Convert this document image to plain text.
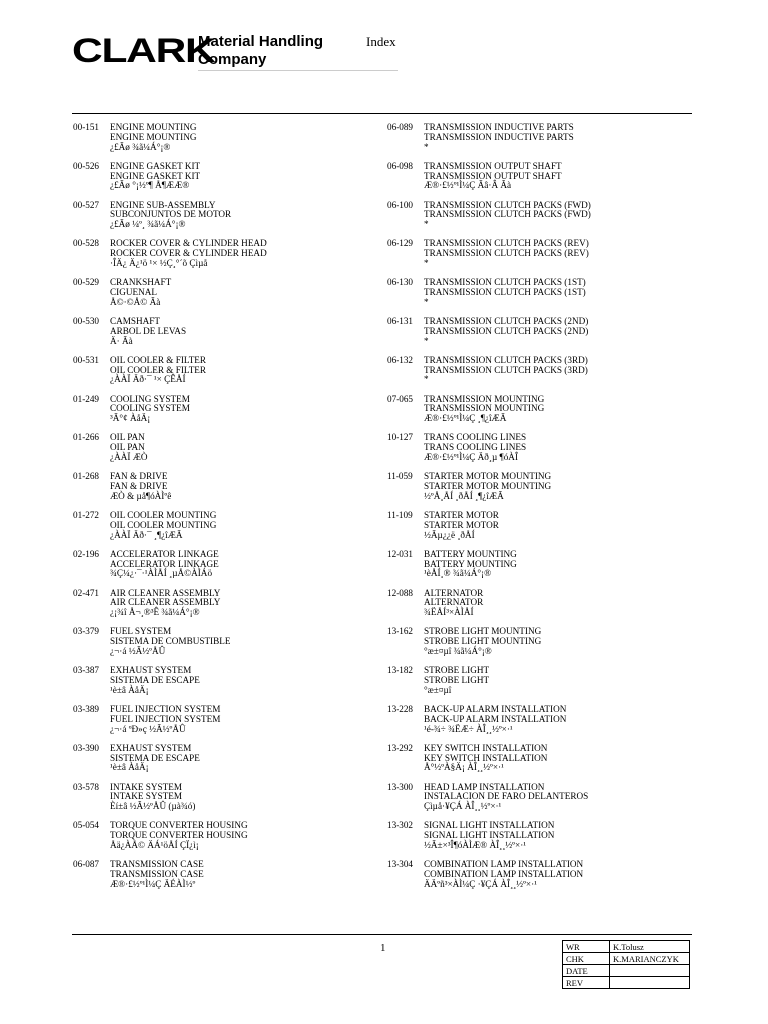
CLARK
Material Handling
Company
Index
00-151 ENGINE MOUNTING
ENGINE MOUNTING
¿£Ãø ¾ã¼Á°¡®
00-526 ENGINE GASKET KIT
ENGINE GASKET KIT
¿£Ãø °¡½º¶ Å¶ÆÆ®
00-527 ENGINE SUB-ASSEMBLY
SUBCONJUNTOS DE MOTOR
¿£Ãø ¼º¸ ¾ã¼Á°¡®
00-528 ROCKER COVER & CYLINDER HEAD
ROCKER COVER & CYLINDER HEAD
·ÎÄ¿ Ä¿¹ö ¹× ½Ç¸°´õ Çìµå
00-529 CRANKSHAFT
CIGUENAL
Å©·©Å© Ãà
00-530 CAMSHAFT
ARBOL DE LEVAS
Ä· Ãà
00-531 OIL COOLER & FILTER
OIL COOLER & FILTER
¿ÀÀÏ Äð·¯ ¹× ÇÊÅÍ
01-249 COOLING SYSTEM
COOLING SYSTEM
³Ã°¢ ÀåÄ¡
01-266 OIL PAN
OIL PAN
¿ÀÀÏ ÆÒ
01-268 FAN & DRIVE
FAN & DRIVE
ÆÒ & µå¶óÀÌºê
01-272 OIL COOLER MOUNTING
OIL COOLER MOUNTING
¿ÀÀÏ Äð·¯ ¸¶¿îÆÃ
02-196 ACCELERATOR LINKAGE
ACCELERATOR LINKAGE
¾Ç¼¿·¯·¹ÀÌÅÍ ¸µÅ©ÀÌÁö
02-471 AIR CLEANER ASSEMBLY
AIR CLEANER ASSEMBLY
¿¡¾î Å¬¸®³Ê ¾ã¼Á°¡®
03-379 FUEL SYSTEM
SISTEMA DE COMBUSTIBLE
¿¬·á ½Ã½ºÅÛ
03-387 EXHAUST SYSTEM
SISTEMA DE ESCAPE
¹è±â ÀåÄ¡
03-389 FUEL INJECTION SYSTEM
FUEL INJECTION SYSTEM
¿¬·á ºÐ»ç ½Ã½ºÅÛ
03-390 EXHAUST SYSTEM
SISTEMA DE ESCAPE
¹è±â ÀåÄ¡
03-578 INTAKE SYSTEM
INTAKE SYSTEM
Èí±â ½Ã½ºÅÛ (µà¾ó)
05-054 TORQUE CONVERTER HOUSING
TORQUE CONVERTER HOUSING
Åä¿ÀÅ© ÄÁ¹öÅÍ ÇÏ¿ì¡
06-087 TRANSMISSION CASE
TRANSMISSION CASE
Æ®·£½º¹Ì¼Ç ÄÉÀÌ½º
06-089 TRANSMISSION INDUCTIVE PARTS
TRANSMISSION INDUCTIVE PARTS
*
06-098 TRANSMISSION OUTPUT SHAFT
TRANSMISSION OUTPUT SHAFT
Æ®·£½º¹Ì¼Ç Ãâ·Â Ãà
06-100 TRANSMISSION CLUTCH PACKS (FWD)
TRANSMISSION CLUTCH PACKS (FWD)
*
06-129 TRANSMISSION CLUTCH PACKS (REV)
TRANSMISSION CLUTCH PACKS (REV)
*
06-130 TRANSMISSION CLUTCH PACKS (1ST)
TRANSMISSION CLUTCH PACKS (1ST)
*
06-131 TRANSMISSION CLUTCH PACKS (2ND)
TRANSMISSION CLUTCH PACKS (2ND)
*
06-132 TRANSMISSION CLUTCH PACKS (3RD)
TRANSMISSION CLUTCH PACKS (3RD)
*
07-065 TRANSMISSION MOUNTING
TRANSMISSION MOUNTING
Æ®·£½º¹Ì¼Ç ¸¶¿îÆÃ
10-127 TRANS COOLING LINES
TRANS COOLING LINES
Æ®·£½º¹Ì¼Ç Äð¸µ ¶óÀÎ
11-059 STARTER MOTOR MOUNTING
STARTER MOTOR MOUNTING
½ºÅ¸ÅÍ ¸ðÅÍ ¸¶¿îÆÃ
11-109 STARTER MOTOR
STARTER MOTOR
½Ãµ¿¿ë ¸ðÅÍ
12-031 BATTERY MOUNTING
BATTERY MOUNTING
¹èÅÍ¸® ¾ã¼Á°¡®
12-088 ALTERNATOR
ALTERNATOR
¾ËÅÍ³×ÀÌÅÍ
13-162 STROBE LIGHT MOUNTING
STROBE LIGHT MOUNTING
°æ±¤µî ¾ã¼Á°¡®
13-182 STROBE LIGHT
STROBE LIGHT
°æ±¤µî
13-228 BACK-UP ALARM INSTALLATION
BACK-UP ALARM INSTALLATION
¹é-¾÷ ¾ËÆ÷ ÀÎ¸¸½º×·¹
13-292 KEY SWITCH INSTALLATION
KEY SWITCH INSTALLATION
Å°½ºÀ§Ä¡ ÀÎ¸¸½º×·¹
13-300 HEAD LAMP INSTALLATION
INSTALACION DE FARO DELANTEROS
Çìµå·¥ÇÁ ÀÎ¸¸½º×·¹
13-302 SIGNAL LIGHT INSTALLATION
SIGNAL LIGHT INSTALLATION
½Ã±×³Î¶óÀÌÆ® ÀÎ¸¸½º×·¹
13-304 COMBINATION LAMP INSTALLATION
COMBINATION LAMP INSTALLATION
ÄÄºñ³×ÀÌ¼Ç ·¥ÇÁ ÀÎ¸¸½º×·¹
1	WR	K.Tolusz
CHK	K.MARIANCZYK
DATE	
REV	
